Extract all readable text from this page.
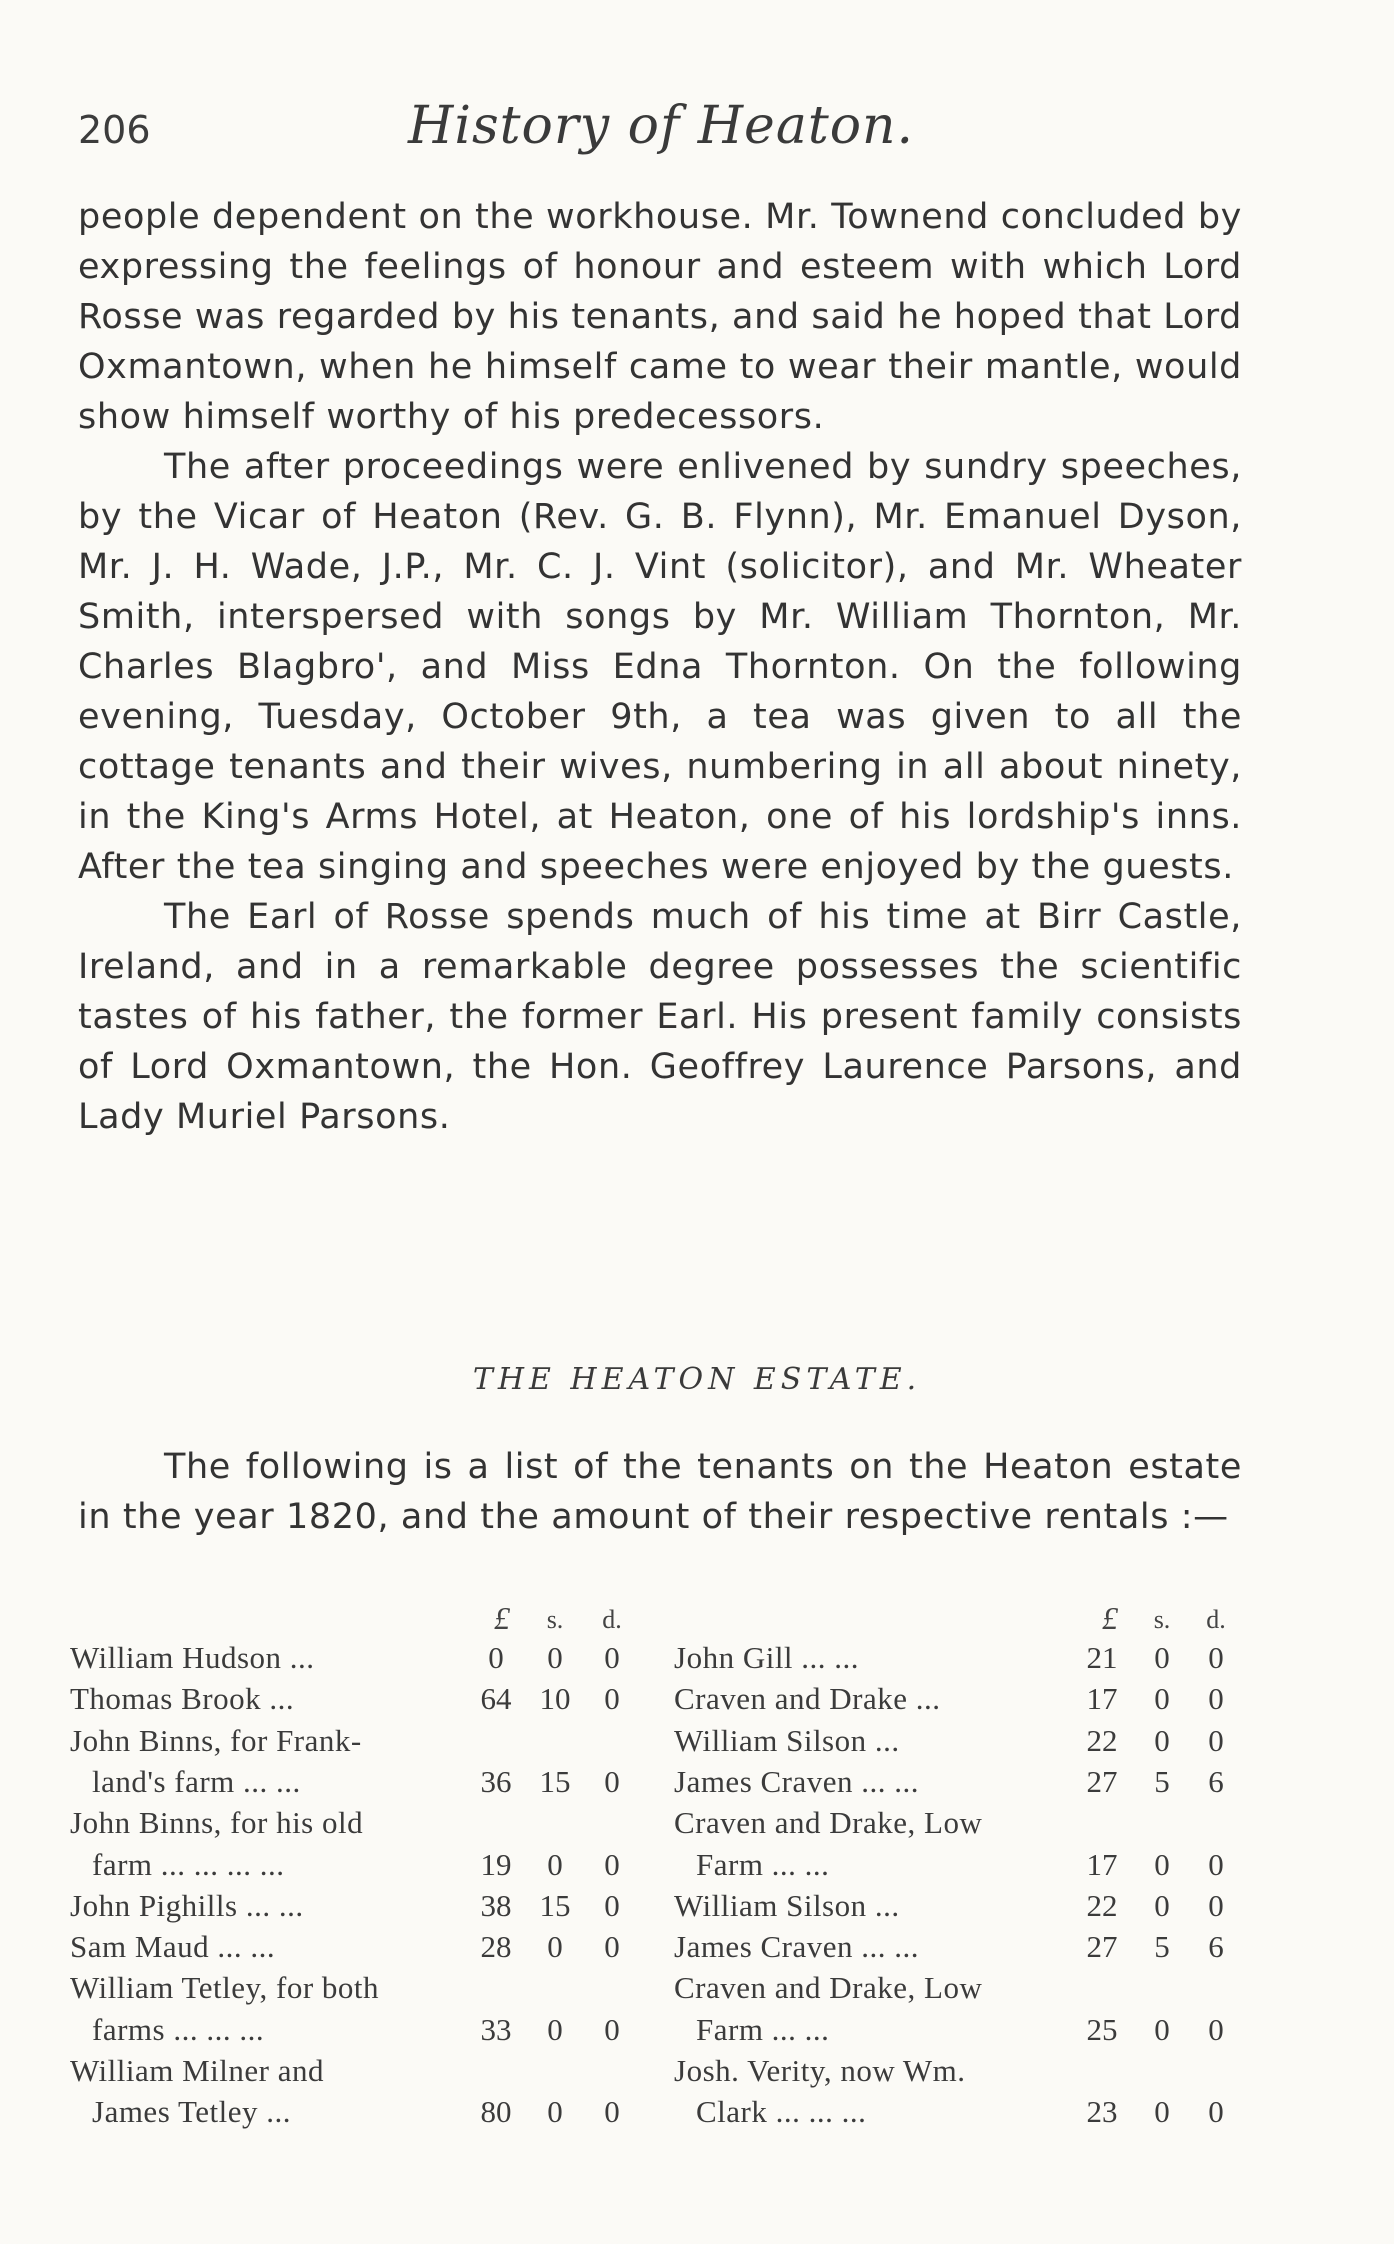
206	History of Heaton.

people dependent on the workhouse. Mr. Townend concluded by expressing the feelings of honour and esteem with which Lord Rosse was regarded by his tenants, and said he hoped that Lord Oxmantown, when he himself came to wear their mantle, would show himself worthy of his predecessors.

The after proceedings were enlivened by sundry speeches, by the Vicar of Heaton (Rev. G. B. Flynn), Mr. Emanuel Dyson, Mr. J. H. Wade, J.P., Mr. C. J. Vint (solicitor), and Mr. Wheater Smith, interspersed with songs by Mr. William Thornton, Mr. Charles Blagbro', and Miss Edna Thornton. On the following evening, Tuesday, October 9th, a tea was given to all the cottage tenants and their wives, numbering in all about ninety, in the King's Arms Hotel, at Heaton, one of his lordship's inns. After the tea singing and speeches were enjoyed by the guests.

The Earl of Rosse spends much of his time at Birr Castle, Ireland, and in a remarkable degree possesses the scientific tastes of his father, the former Earl. His present family consists of Lord Oxmantown, the Hon. Geoffrey Laurence Parsons, and Lady Muriel Parsons.

THE HEATON ESTATE.

The following is a list of the tenants on the Heaton estate in the year 1820, and the amount of their respective rentals :—

£	s.	d.	£	s.	d.
William Hudson ...	0	0	0
Thomas Brook ...	64 10	0
John Binns, for Frank-
land's farm ... ...	36 15	0
John Binns, for his old
farm ... ... ... ...	19	0	0
John Pighills ... ...	38 15	0
Sam Maud ... ...	28	0	0
William Tetley, for both
farms ... ... ...	33	0	0
William Milner and
James Tetley ...	80	0	0
John Gill ... ...	21	0	0
Craven and Drake ...	17	0	0
William Silson ...	22	0	0
James Craven ... ...	27	5	6
Craven and Drake, Low
Farm ... ...	17	0	0
William Silson ...	22	0	0
James Craven ... ...	27	5	6
Craven and Drake, Low
Farm ... ...	25	0	0
Josh. Verity, now Wm.
Clark ... ... ...	23	0	0
